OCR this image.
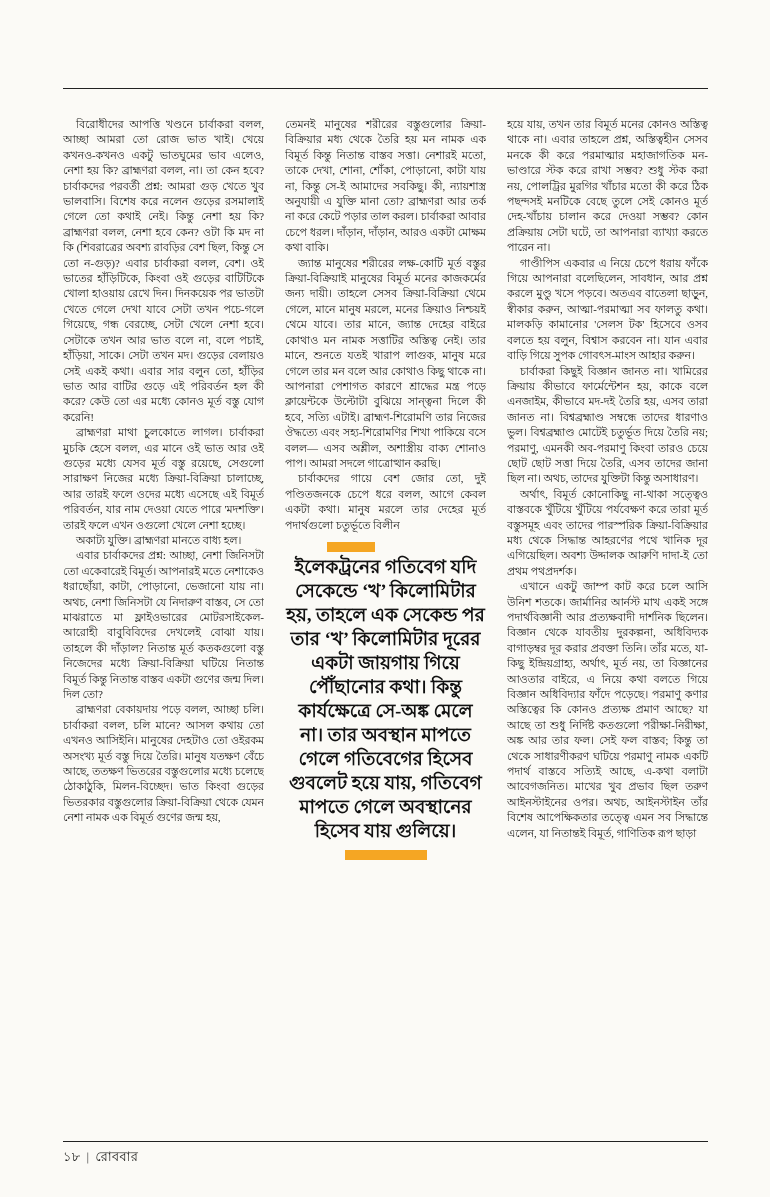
বিরোধীদের আপত্তি খণ্ডনে চার্বাকরা বলল, আচ্ছা আমরা তো রোজ ভাত খাই। খেয়ে কখনও-কখনও একটু ভাতঘুমের ভাব এলেও, নেশা হয় কি? ব্রাহ্মণরা বলল, না। তা কেন হবে? চার্বাকদের পরবর্তী প্রশ্ন: আমরা গুড় খেতে খুব ভালবাসি। বিশেষ করে নলেন গুড়ের রসমালাই গেলে তো কথাই নেই। কিন্তু নেশা হয় কি? ব্রাহ্মণরা বলল, নেশা হবে কেন? ওটা কি মদ না কি (শিবরাত্রের অবশ্য রাবড়ির বেশ ছিল, কিন্তু সে তো ন-গুড়)? এবার চার্বাকরা বলল, বেশ। ওই ভাতের হাঁড়িটিকে, কিংবা ওই গুড়ের বাটিটিকে খোলা হাওয়ায় রেখে দিন। দিনকয়েক পর ভাতটা খেতে গেলে দেখা যাবে সেটা তখন পচে-গলে গিয়েছে, গন্ধ বেরচ্ছে, সেটা খেলে নেশা হবে। সেটাকে তখন আর ভাত বলে না, বলে পচাই, হাঁড়িয়া, সাকে। সেটা তখন মদ। গুড়ের বেলায়ও সেই একই কথা। এবার সার বলুন তো, হাঁড়ির ভাত আর বাটির গুড়ে এই পরিবর্তন হল কী করে? কেউ তো এর মধ্যে কোনও মূর্ত বস্তু যোগ করেনি!

ব্রাহ্মণরা মাথা চুলকোতে লাগল। চার্বাকরা মুচকি হেসে বলল, এর মানে ওই ভাত আর ওই গুড়ের মধ্যে যেসব মূর্ত বস্তু রয়েছে, সেগুলো সারাক্ষণ নিজের মধ্যে ক্রিয়া-বিক্রিয়া চালাচ্ছে, আর তারই ফলে ওদের মধ্যে এসেছে এই বিমূর্ত পরিবর্তন, যার নাম দেওয়া যেতে পারে 'মদশক্তি'। তারই ফলে এখন ওগুলো খেলে নেশা হচ্ছে।

অকাট্য যুক্তি। ব্রাহ্মণরা মানতে বাধ্য হল।

এবার চার্বাকদের প্রশ্ন: আচ্ছা, নেশা জিনিসটা তো একেবারেই বিমূর্ত। আপনারই মতে নেশাকেও ধরাছোঁয়া, কাটা, পোড়ানো, ভেজানো যায় না। অথচ, নেশা জিনিসটা যে নিদারুণ বাস্তব, সে তো মাঝরাতে মা ফ্লাইওভারের মোটরসাইকেল-আরোহী বাবুবিবিদের দেখলেই বোঝা যায়। তাহলে কী দাঁড়াল? নিতান্ত মূর্ত কতকগুলো বস্তু নিজেদের মধ্যে ক্রিয়া-বিক্রিয়া ঘটিয়ে নিতান্ত বিমূর্ত কিন্তু নিতান্ত বাস্তব একটা গুণের জন্ম দিল। দিল তো?

ব্রাহ্মণরা বেকায়দায় পড়ে বলল, আচ্ছা চলি। চার্বাকরা বলল, চলি মানে? আসল কথায় তো এখনও আসিইনি। মানুষের দেহটাও তো ওইরকম অসংখ্য মূর্ত বস্তু দিয়ে তৈরি। মানুষ যতক্ষণ বেঁচে আছে, ততক্ষণ ভিতরের বস্তুগুলোর মধ্যে চলেছে ঠোকাঠুকি, মিলন-বিচ্ছেদ। ভাত কিংবা গুড়ের ভিতরকার বস্তুগুলোর ক্রিয়া-বিক্রিয়া থেকে যেমন নেশা নামক এক বিমূর্ত গুণের জন্ম হয়,

তেমনই মানুষের শরীরের বস্তুগুলোর ক্রিয়া-বিক্রিয়ার মধ্য থেকে তৈরি হয় মন নামক এক বিমূর্ত কিন্তু নিতান্ত বাস্তব সত্তা। নেশারই মতো, তাকে দেখা, শোনা, শোঁকা, পোড়ানো, কাটা যায় না, কিন্তু সে-ই আমাদের সবকিছু। কী, ন্যায়শাস্ত্র অনুযায়ী এ যুক্তি মানা তো? ব্রাহ্মণরা আর তর্ক না করে কেটে পড়ার তাল করল। চার্বাকরা আবার চেপে ধরল। দাঁড়ান, দাঁড়ান, আরও একটা মোক্ষম কথা বাকি।

জ্যান্ত মানুষের শরীরের লক্ষ-কোটি মূর্ত বস্তুর ক্রিয়া-বিক্রিয়াই মানুষের বিমূর্ত মনের কাজকর্মের জন্য দায়ী। তাহলে সেসব ক্রিয়া-বিক্রিয়া থেমে গেলে, মানে মানুষ মরলে, মনের ক্রিয়াও নিশ্চয়ই থেমে যাবে। তার মানে, জ্যান্ত দেহের বাইরে কোথাও মন নামক সত্তাটির অস্তিত্ব নেই। তার মানে, শুনতে যতই খারাপ লাগুক, মানুষ মরে গেলে তার মন বলে আর কোথাও কিছু থাকে না। আপনারা পেশাগত কারণে শ্রাদ্ধের মন্ত্র পড়ে ক্লায়েন্টকে উল্টোটা বুঝিয়ে সান্ত্বনা দিলে কী হবে, সত্যি এটাই। ব্রাহ্মণ-শিরোমণি তার নিজের ঔদ্ধত্যে এবং সহ্য-শিরোমণির শিখা পাকিয়ে বসে বলল— এসব অশ্লীল, অশাস্ত্রীয় বাক্য শোনাও পাপ। আমরা সদলে গাত্রোত্থান করছি।

চার্বাকদের গায়ে বেশ জোর তো, দুই পণ্ডিতজনকে চেপে ধরে বলল, আগে কেবল একটা কথা। মানুষ মরলে তার দেহের মূর্ত পদার্থগুলো চতুর্ভূতে বিলীন

ইলেকট্রনের গতিবেগ যদি সেকেন্ডে ‘খ’ কিলোমিটার হয়, তাহলে এক সেকেন্ড পর তার ‘খ’ কিলোমিটার দূরের একটা জায়গায় গিয়ে পৌঁছানোর কথা। কিন্তু কার্যক্ষেত্রে সে-অঙ্ক মেলে না। তার অবস্থান মাপতে গেলে গতিবেগের হিসেব গুবলেট হয়ে যায়, গতিবেগ মাপতে গেলে অবস্থানের হিসেব যায় গুলিয়ে।

হয়ে যায়, তখন তার বিমূর্ত মনের কোনও অস্তিত্ব থাকে না। এবার তাহলে প্রশ্ন, অস্তিত্বহীন সেসব মনকে কী করে পরমাত্মার মহাজাগতিক মন-ভাণ্ডারে স্টক করে রাখা সম্ভব? শুধু স্টক করা নয়, পোলট্রির মুরগির খাঁচার মতো কী করে ঠিক পছন্দসই মনটিকে বেছে তুলে সেই কোনও মূর্ত দেহ-খাঁচায় চালান করে দেওয়া সম্ভব? কোন প্রক্রিয়ায় সেটা ঘটে, তা আপনারা ব্যাখ্যা করতে পারেন না।

গাণ্ডীপিস একবার এ নিয়ে চেপে ধরায় ফাঁকে গিয়ে আপনারা বলেছিলেন, সাবধান, আর প্রশ্ন করলে মুণ্ডু খসে পড়বে। অতএব বাতেলা ছাড়ুন, স্বীকার করুন, আত্মা-পরমাত্মা সব ফালতু কথা। মালকড়ি কামানোর 'সেলস টক' হিসেবে ওসব বলতে হয় বলুন, বিশ্বাস করবেন না। যান এবার বাড়ি গিয়ে সুপক গোবৎস-মাংস আহার করুন।

চার্বাকরা কিছুই বিজ্ঞান জানত না। খামিরের ক্রিয়ায় কীভাবে ফার্মেন্টেশন হয়, কাকে বলে এনজাইম, কীভাবে মদ-দই তৈরি হয়, এসব তারা জানত না। বিশ্বব্রহ্মাণ্ড সম্বন্ধে তাদের ধারণাও ভুল। বিশ্বব্রহ্মাণ্ড মোটেই চতুর্ভূত দিয়ে তৈরি নয়; পরমাণু, এমনকী অব-পরমাণু কিংবা তারও চেয়ে ছোট ছোট সত্তা দিয়ে তৈরি, এসব তাদের জানা ছিল না। অথচ, তাদের যুক্তিটা কিন্তু অসাধারণ।

অর্থাৎ, বিমূর্ত কোনোকিছু না-থাকা সত্ত্বেও বাস্তবকে খুঁটিয়ে খুঁটিয়ে পর্যবেক্ষণ করে তারা মূর্ত বস্তুসমূহ এবং তাদের পারস্পরিক ক্রিয়া-বিক্রিয়ার মধ্য থেকে সিদ্ধান্ত আহরণের পথে খানিক দূর এগিয়েছিল। অবশ্য উদ্দালক আরুণি দাদা-ই তো প্রথম পথপ্রদর্শক।

এখানে একটু জাম্প কাট করে চলে আসি উনিশ শতকে। জার্মানির আর্নস্ট মাখ একই সঙ্গে পদার্থবিজ্ঞানী আর প্রত্যক্ষবাদী দার্শনিক ছিলেন। বিজ্ঞান থেকে যাবতীয় দুরকল্পনা, অধিবিদ্যক বাগাড়ম্বর দূর করার প্রবক্তা তিনি। তাঁর মতে, যা-কিছু ইন্দ্রিয়গ্রাহ্য, অর্থাৎ, মূর্ত নয়, তা বিজ্ঞানের আওতার বাইরে, এ নিয়ে কথা বলতে গিয়ে বিজ্ঞান অধিবিদ্যার ফাঁদে পড়েছে। পরমাণু কণার অস্তিত্বের কি কোনও প্রত্যক্ষ প্রমাণ আছে? যা আছে তা শুধু নির্দিষ্ট কতগুলো পরীক্ষা-নিরীক্ষা, অঙ্ক আর তার ফল। সেই ফল বাস্তব; কিন্তু তা থেকে সাধারণীকরণ ঘটিয়ে পরমাণু নামক একটি পদার্থ বাস্তবে সত্যিই আছে, এ-কথা বলাটা আবেগজনিত। মাখের খুব প্রভাব ছিল তরুণ আইনস্টাইনের ওপর। অথচ, আইনস্টাইন তাঁর বিশেষ আপেক্ষিকতার তত্ত্বে এমন সব সিদ্ধান্তে এলেন, যা নিতান্তই বিমূর্ত, গাণিতিক রূপ ছাড়া

১৮ | রোববার
